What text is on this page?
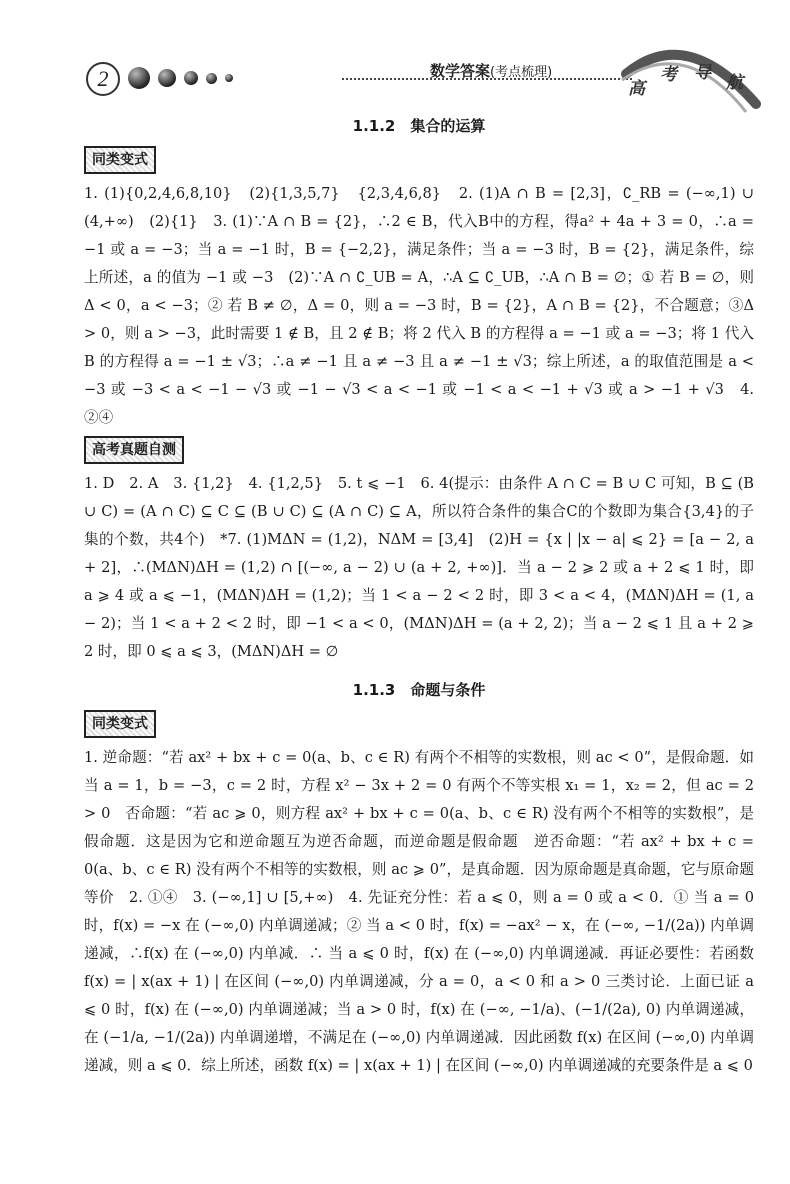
2	数学答案(考点梳理)
高
考 导 航
1.1.2　集合的运算
同类变式

1. (1){0,2,4,6,8,10}　(2){1,3,5,7}　{2,3,4,6,8}　2. (1)A ∩ B = [2,3]，∁_RB = (−∞,1) ∪ (4,+∞)　(2){1}　3. (1)∵A ∩ B = {2}，∴2 ∈ B，代入B中的方程，得a² + 4a + 3 = 0，∴a = −1 或 a = −3；当 a = −1 时，B = {−2,2}，满足条件；当 a = −3 时，B = {2}，满足条件，综上所述，a 的值为 −1 或 −3　(2)∵A ∩ ∁_UB = A，∴A ⊆ ∁_UB，∴A ∩ B = ∅；① 若 B = ∅，则 Δ < 0，a < −3；② 若 B ≠ ∅，Δ = 0，则 a = −3 时，B = {2}，A ∩ B = {2}，不合题意；③Δ > 0，则 a > −3，此时需要 1 ∉ B，且 2 ∉ B；将 2 代入 B 的方程得 a = −1 或 a = −3；将 1 代入 B 的方程得 a = −1 ± √3；∴a ≠ −1 且 a ≠ −3 且 a ≠ −1 ± √3；综上所述，a 的取值范围是 a < −3 或 −3 < a < −1 − √3 或 −1 − √3 < a < −1 或 −1 < a < −1 + √3 或 a > −1 + √3　4. ②④

高考真题自测

1. D　2. A　3. {1,2}　4. {1,2,5}　5. t ⩽ −1　6. 4(提示：由条件 A ∩ C = B ∪ C 可知，B ⊆ (B ∪ C) = (A ∩ C) ⊆ C ⊆ (B ∪ C) ⊆ (A ∩ C) ⊆ A，所以符合条件的集合C的个数即为集合{3,4}的子集的个数，共4个)　*7. (1)MΔN = (1,2)，NΔM = [3,4]　(2)H = {x | |x − a| ⩽ 2} = [a − 2, a + 2]，∴(MΔN)ΔH = (1,2) ∩ [(−∞, a − 2) ∪ (a + 2, +∞)]．当 a − 2 ⩾ 2 或 a + 2 ⩽ 1 时，即 a ⩾ 4 或 a ⩽ −1，(MΔN)ΔH = (1,2)；当 1 < a − 2 < 2 时，即 3 < a < 4，(MΔN)ΔH = (1, a − 2)；当 1 < a + 2 < 2 时，即 −1 < a < 0，(MΔN)ΔH = (a + 2, 2)；当 a − 2 ⩽ 1 且 a + 2 ⩾ 2 时，即 0 ⩽ a ⩽ 3，(MΔN)ΔH = ∅

1.1.3　命题与条件
同类变式

1. 逆命题：“若 ax² + bx + c = 0(a、b、c ∈ R) 有两个不相等的实数根，则 ac < 0”，是假命题．如当 a = 1，b = −3，c = 2 时，方程 x² − 3x + 2 = 0 有两个不等实根 x₁ = 1，x₂ = 2，但 ac = 2 > 0　否命题：“若 ac ⩾ 0，则方程 ax² + bx + c = 0(a、b、c ∈ R) 没有两个不相等的实数根”，是假命题．这是因为它和逆命题互为逆否命题，而逆命题是假命题　逆否命题：“若 ax² + bx + c = 0(a、b、c ∈ R) 没有两个不相等的实数根，则 ac ⩾ 0”，是真命题．因为原命题是真命题，它与原命题等价　2. ①④　3. (−∞,1] ∪ [5,+∞)　4. 先证充分性：若 a ⩽ 0，则 a = 0 或 a < 0．① 当 a = 0 时，f(x) = −x 在 (−∞,0) 内单调递减；② 当 a < 0 时，f(x) = −ax² − x，在 (−∞, −1/(2a)) 内单调递减，∴f(x) 在 (−∞,0) 内单减．∴ 当 a ⩽ 0 时，f(x) 在 (−∞,0) 内单调递减．再证必要性：若函数 f(x) = | x(ax + 1) | 在区间 (−∞,0) 内单调递减，分 a = 0，a < 0 和 a > 0 三类讨论．上面已证 a ⩽ 0 时，f(x) 在 (−∞,0) 内单调递减；当 a > 0 时，f(x) 在 (−∞, −1/a)、(−1/(2a), 0) 内单调递减，在 (−1/a, −1/(2a)) 内单调递增，不满足在 (−∞,0) 内单调递减．因此函数 f(x) 在区间 (−∞,0) 内单调递减，则 a ⩽ 0．综上所述，函数 f(x) = | x(ax + 1) | 在区间 (−∞,0) 内单调递减的充要条件是 a ⩽ 0
